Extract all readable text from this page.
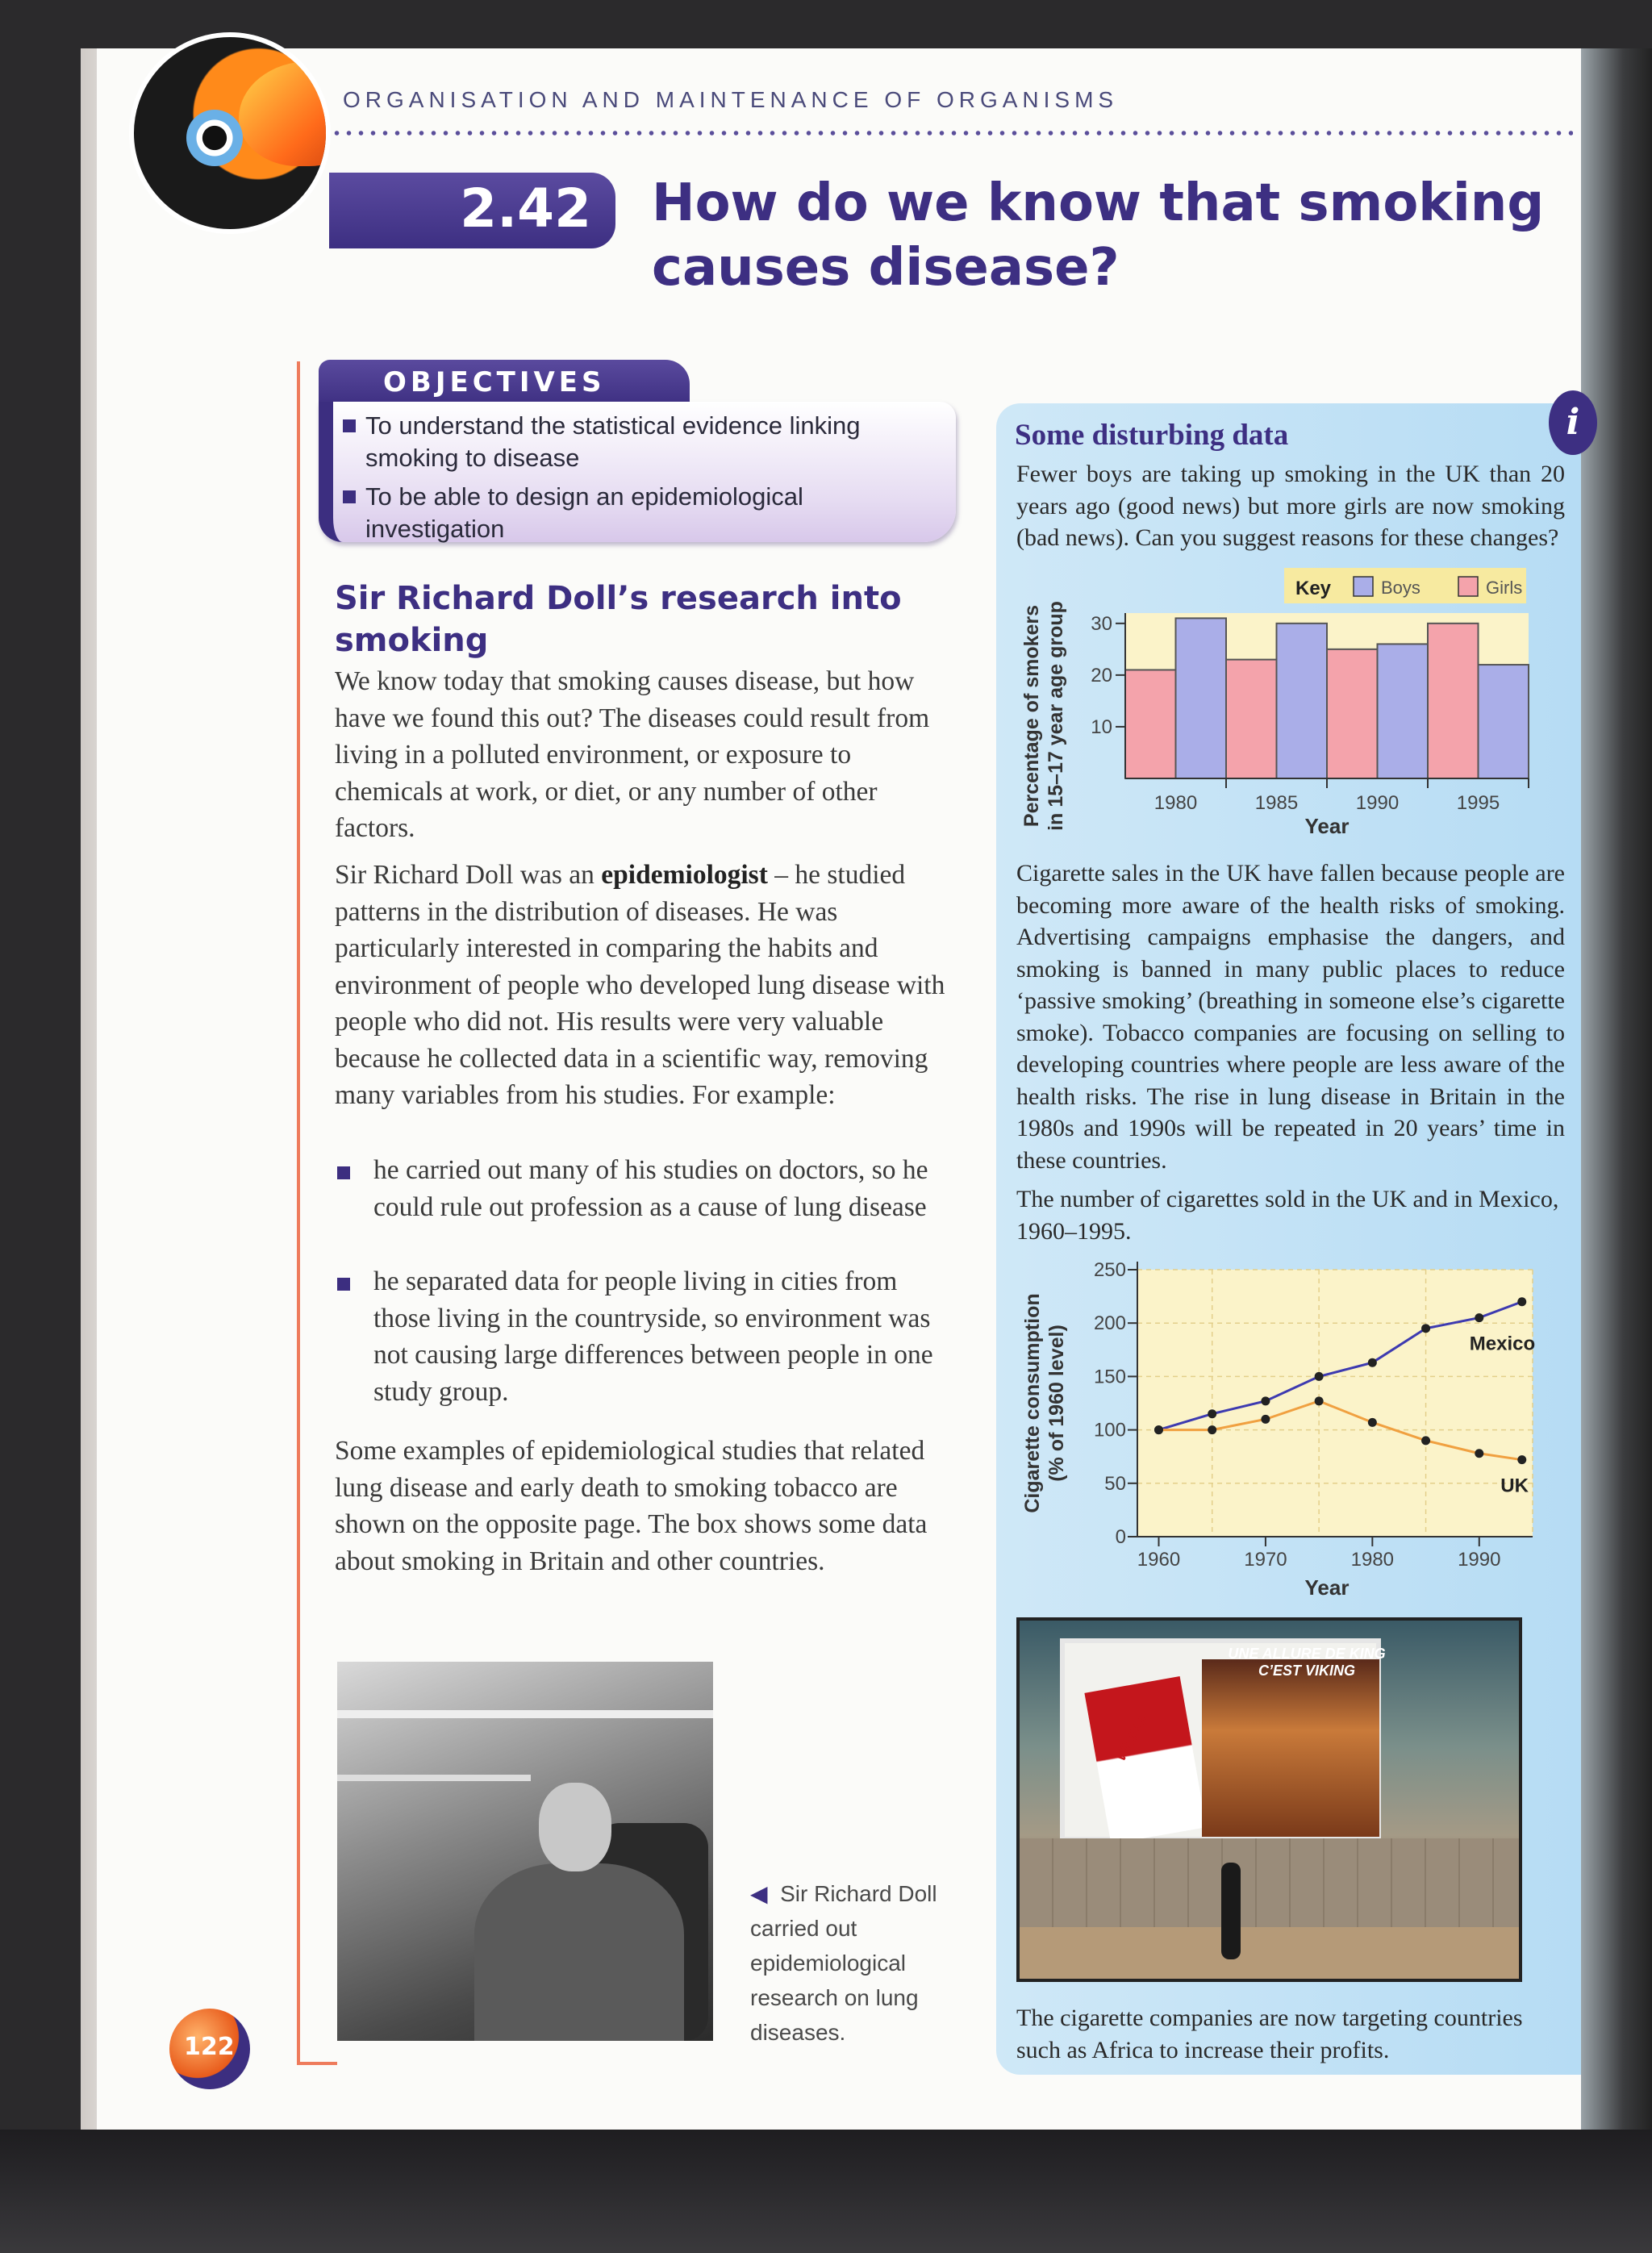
ORGANISATION AND MAINTENANCE OF ORGANISMS
2.42 How do we know that smoking causes disease?
OBJECTIVES
To understand the statistical evidence linking smoking to disease
To be able to design an epidemiological investigation
Sir Richard Doll’s research into smoking
We know today that smoking causes disease, but how have we found this out? The diseases could result from living in a polluted environment, or exposure to chemicals at work, or diet, or any number of other factors.
Sir Richard Doll was an epidemiologist – he studied patterns in the distribution of diseases. He was particularly interested in comparing the habits and environment of people who developed lung disease with people who did not. His results were very valuable because he collected data in a scientific way, removing many variables from his studies. For example:
he carried out many of his studies on doctors, so he could rule out profession as a cause of lung disease
he separated data for people living in cities from those living in the countryside, so environment was not causing large differences between people in one study group.
Some examples of epidemiological studies that related lung disease and early death to smoking tobacco are shown on the opposite page. The box shows some data about smoking in Britain and other countries.
◀ Sir Richard Doll carried out epidemiological research on lung diseases.
122
i
Some disturbing data
Fewer boys are taking up smoking in the UK than 20 years ago (good news) but more girls are now smoking (bad news). Can you suggest reasons for these changes?
Key	Boys	Girls
1980	1985	1990	1995
10
20
30
Year
Percentage of smokers in 15–17 year age group
Cigarette sales in the UK have fallen because people are becoming more aware of the health risks of smoking. Advertising campaigns emphasise the dangers, and smoking is banned in many public places to reduce ‘passive smoking’ (breathing in someone else’s cigarette smoke). Tobacco companies are focusing on selling to developing countries where people are less aware of the health risks. The rise in lung disease in Britain in the 1980s and 1990s will be repeated in 20 years’ time in these countries.
The number of cigarettes sold in the UK and in Mexico, 1960–1995.
0
50
100
150
200
250
1960	1970	1980	1990
Mexico
UK
Year
Cigarette consumption (% of 1960 level)
UNE ALLURE DE KING C’EST VIKING
VIKING
The cigarette companies are now targeting countries such as Africa to increase their profits.
